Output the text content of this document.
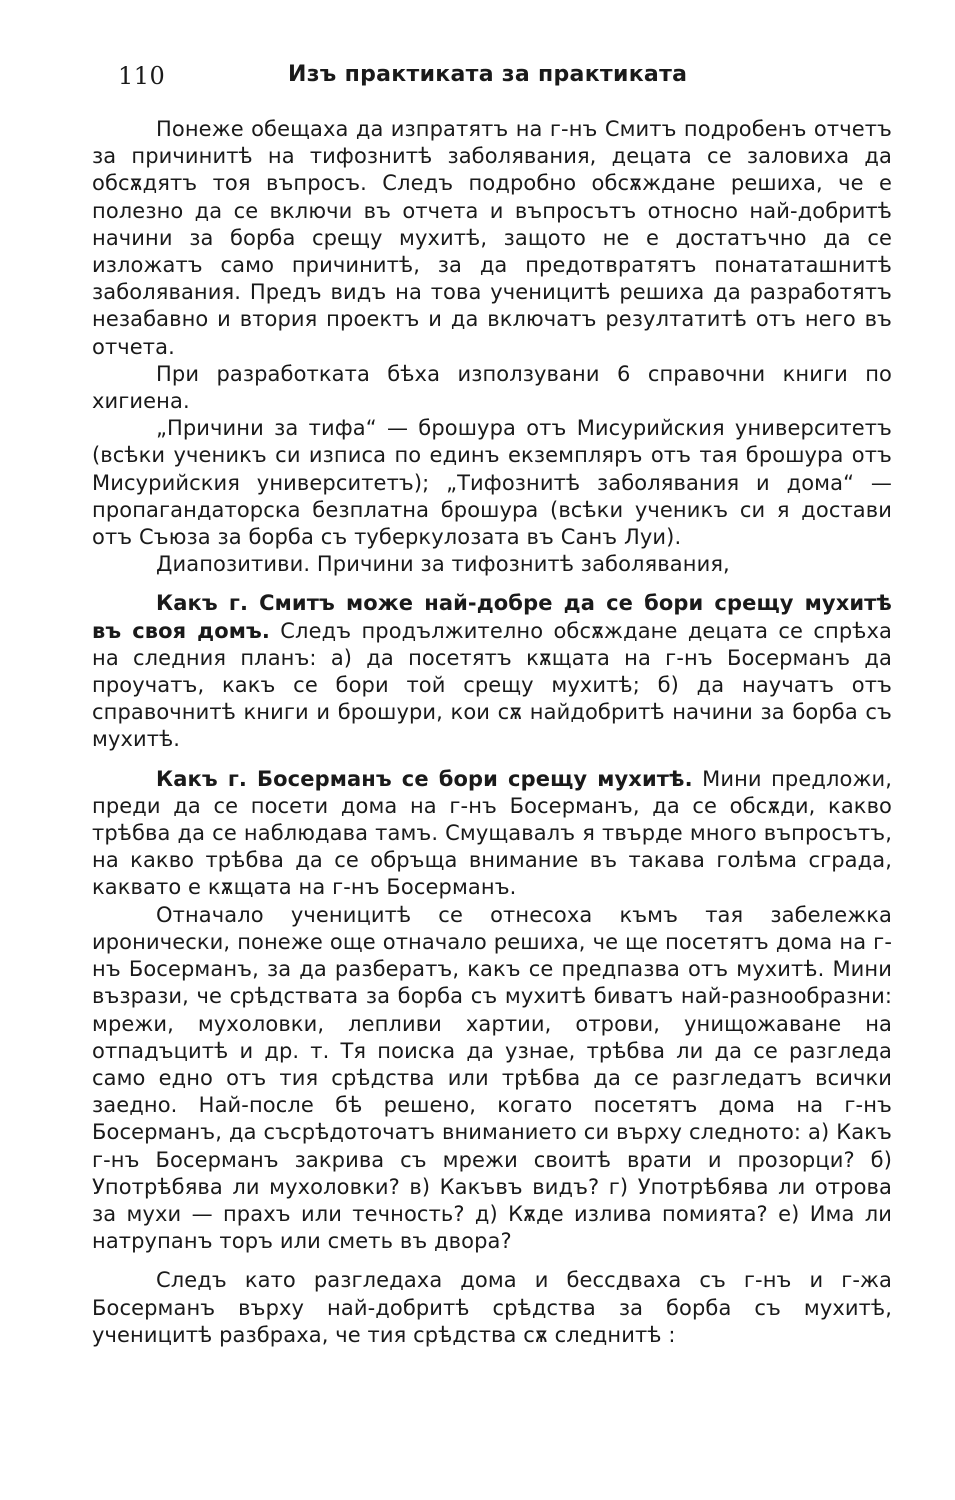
110	Изъ практиката за практиката

Понеже обещаха да изпратятъ на г-нъ Смитъ подробенъ отчетъ за причинитѣ на тифознитѣ заболявания, децата се заловиха да обсѫдятъ тоя въпросъ. Следъ подробно обсѫждане решиха, че е полезно да се включи въ отчета и въпросътъ относно най-добритѣ начини за борба срещу мухитѣ, защото не е достатъчно да се изложатъ само причинитѣ, за да предотвратятъ понататашнитѣ заболявания. Предъ видъ на това ученицитѣ решиха да разработятъ незабавно и втория проектъ и да включатъ резултатитѣ отъ него въ отчета.

При разработката бѣха използувани 6 справочни книги по хигиена.

„Причини за тифа“ — брошура отъ Мисурийския университетъ (всѣки ученикъ си изписа по единъ екземпляръ отъ тая брошура отъ Мисурийския университетъ); „Тифознитѣ заболявания и дома“ — пропагандаторска безплатна брошура (всѣки ученикъ си я достави отъ Съюза за борба съ туберкулозата въ Санъ Луи).

Диапозитиви. Причини за тифознитѣ заболявания,

Какъ г. Смитъ може най-добре да се бори срещу мухитѣ въ своя домъ. Следъ продължително обсѫждане децата се спрѣха на следния планъ: а) да посетятъ кѫщата на г-нъ Босерманъ да проучатъ, какъ се бори той срещу мухитѣ; б) да научатъ отъ справочнитѣ книги и брошури, кои сѫ найдобритѣ начини за борба съ мухитѣ.

Какъ г. Босерманъ се бори срещу мухитѣ. Мини предложи, преди да се посети дома на г-нъ Босерманъ, да се обсѫди, какво трѣбва да се наблюдава тамъ. Смущавалъ я твърде много въпросътъ, на какво трѣбва да се обръща внимание въ такава голѣма сграда, каквато е кѫщата на г-нъ Босерманъ.

Отначало ученицитѣ се отнесоха къмъ тая забележка иронически, понеже още отначало решиха, че ще посетятъ дома на г-нъ Босерманъ, за да разбератъ, какъ се предпазва отъ мухитѣ. Мини възрази, че срѣдствата за борба съ мухитѣ биватъ най-разнообразни: мрежи, мухоловки, лепливи хартии, отрови, унищожаване на отпадъцитѣ и др. т. Тя поиска да узнае, трѣбва ли да се разгледа само едно отъ тия срѣдства или трѣбва да се разгледатъ всички заедно. Най-после бѣ решено, когато посетятъ дома на г-нъ Босерманъ, да съсрѣдоточатъ вниманието си върху следното: а) Какъ г-нъ Босерманъ закрива съ мрежи своитѣ врати и прозорци? б) Употрѣбява ли мухоловки? в) Какъвъ видъ? г) Употрѣбява ли отрова за мухи — прахъ или течность? д) Кѫде излива помията? е) Има ли натрупанъ торъ или сметь въ двора?

Следъ като разгледаха дома и бессдваха съ г-нъ и г-жа Босерманъ върху най-добритѣ срѣдства за борба съ мухитѣ, ученицитѣ разбраха, че тия срѣдства сѫ следнитѣ :
